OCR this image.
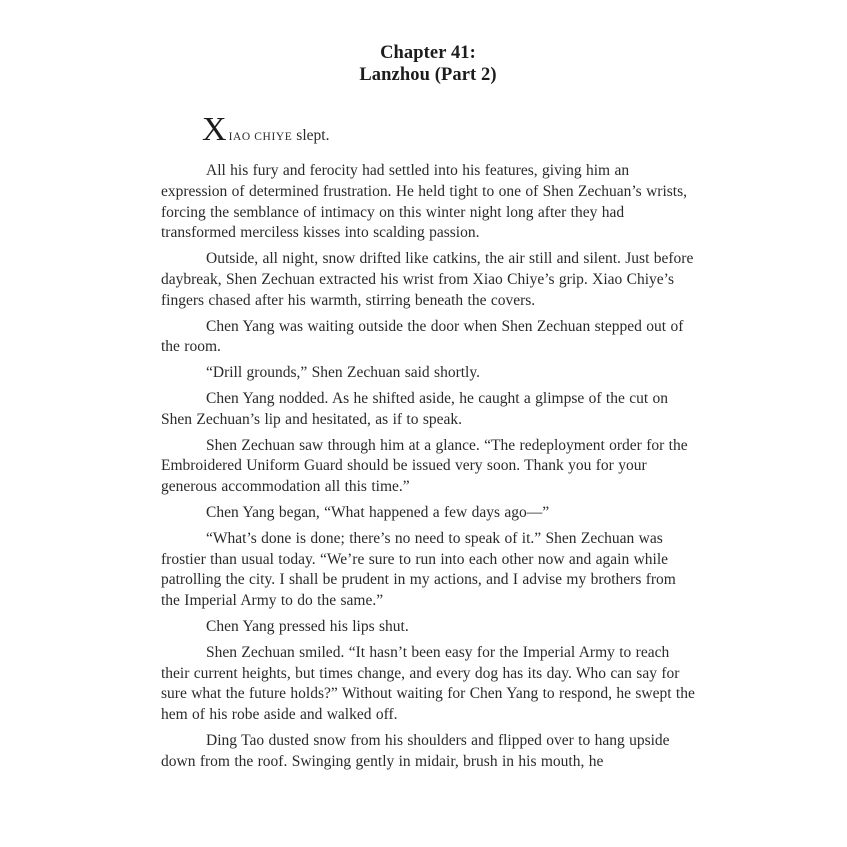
Chapter 41:
Lanzhou (Part 2)

XIAO CHIYE slept.

All his fury and ferocity had settled into his features, giving him an expression of determined frustration. He held tight to one of Shen Zechuan’s wrists, forcing the semblance of intimacy on this winter night long after they had transformed merciless kisses into scalding passion.

Outside, all night, snow drifted like catkins, the air still and silent. Just before daybreak, Shen Zechuan extracted his wrist from Xiao Chiye’s grip. Xiao Chiye’s fingers chased after his warmth, stirring beneath the covers.

Chen Yang was waiting outside the door when Shen Zechuan stepped out of the room.

“Drill grounds,” Shen Zechuan said shortly.

Chen Yang nodded. As he shifted aside, he caught a glimpse of the cut on Shen Zechuan’s lip and hesitated, as if to speak.

Shen Zechuan saw through him at a glance. “The redeployment order for the Embroidered Uniform Guard should be issued very soon. Thank you for your generous accommodation all this time.”

Chen Yang began, “What happened a few days ago—”

“What’s done is done; there’s no need to speak of it.” Shen Zechuan was frostier than usual today. “We’re sure to run into each other now and again while patrolling the city. I shall be prudent in my actions, and I advise my brothers from the Imperial Army to do the same.”

Chen Yang pressed his lips shut.

Shen Zechuan smiled. “It hasn’t been easy for the Imperial Army to reach their current heights, but times change, and every dog has its day. Who can say for sure what the future holds?” Without waiting for Chen Yang to respond, he swept the hem of his robe aside and walked off.

Ding Tao dusted snow from his shoulders and flipped over to hang upside down from the roof. Swinging gently in midair, brush in his mouth, he
